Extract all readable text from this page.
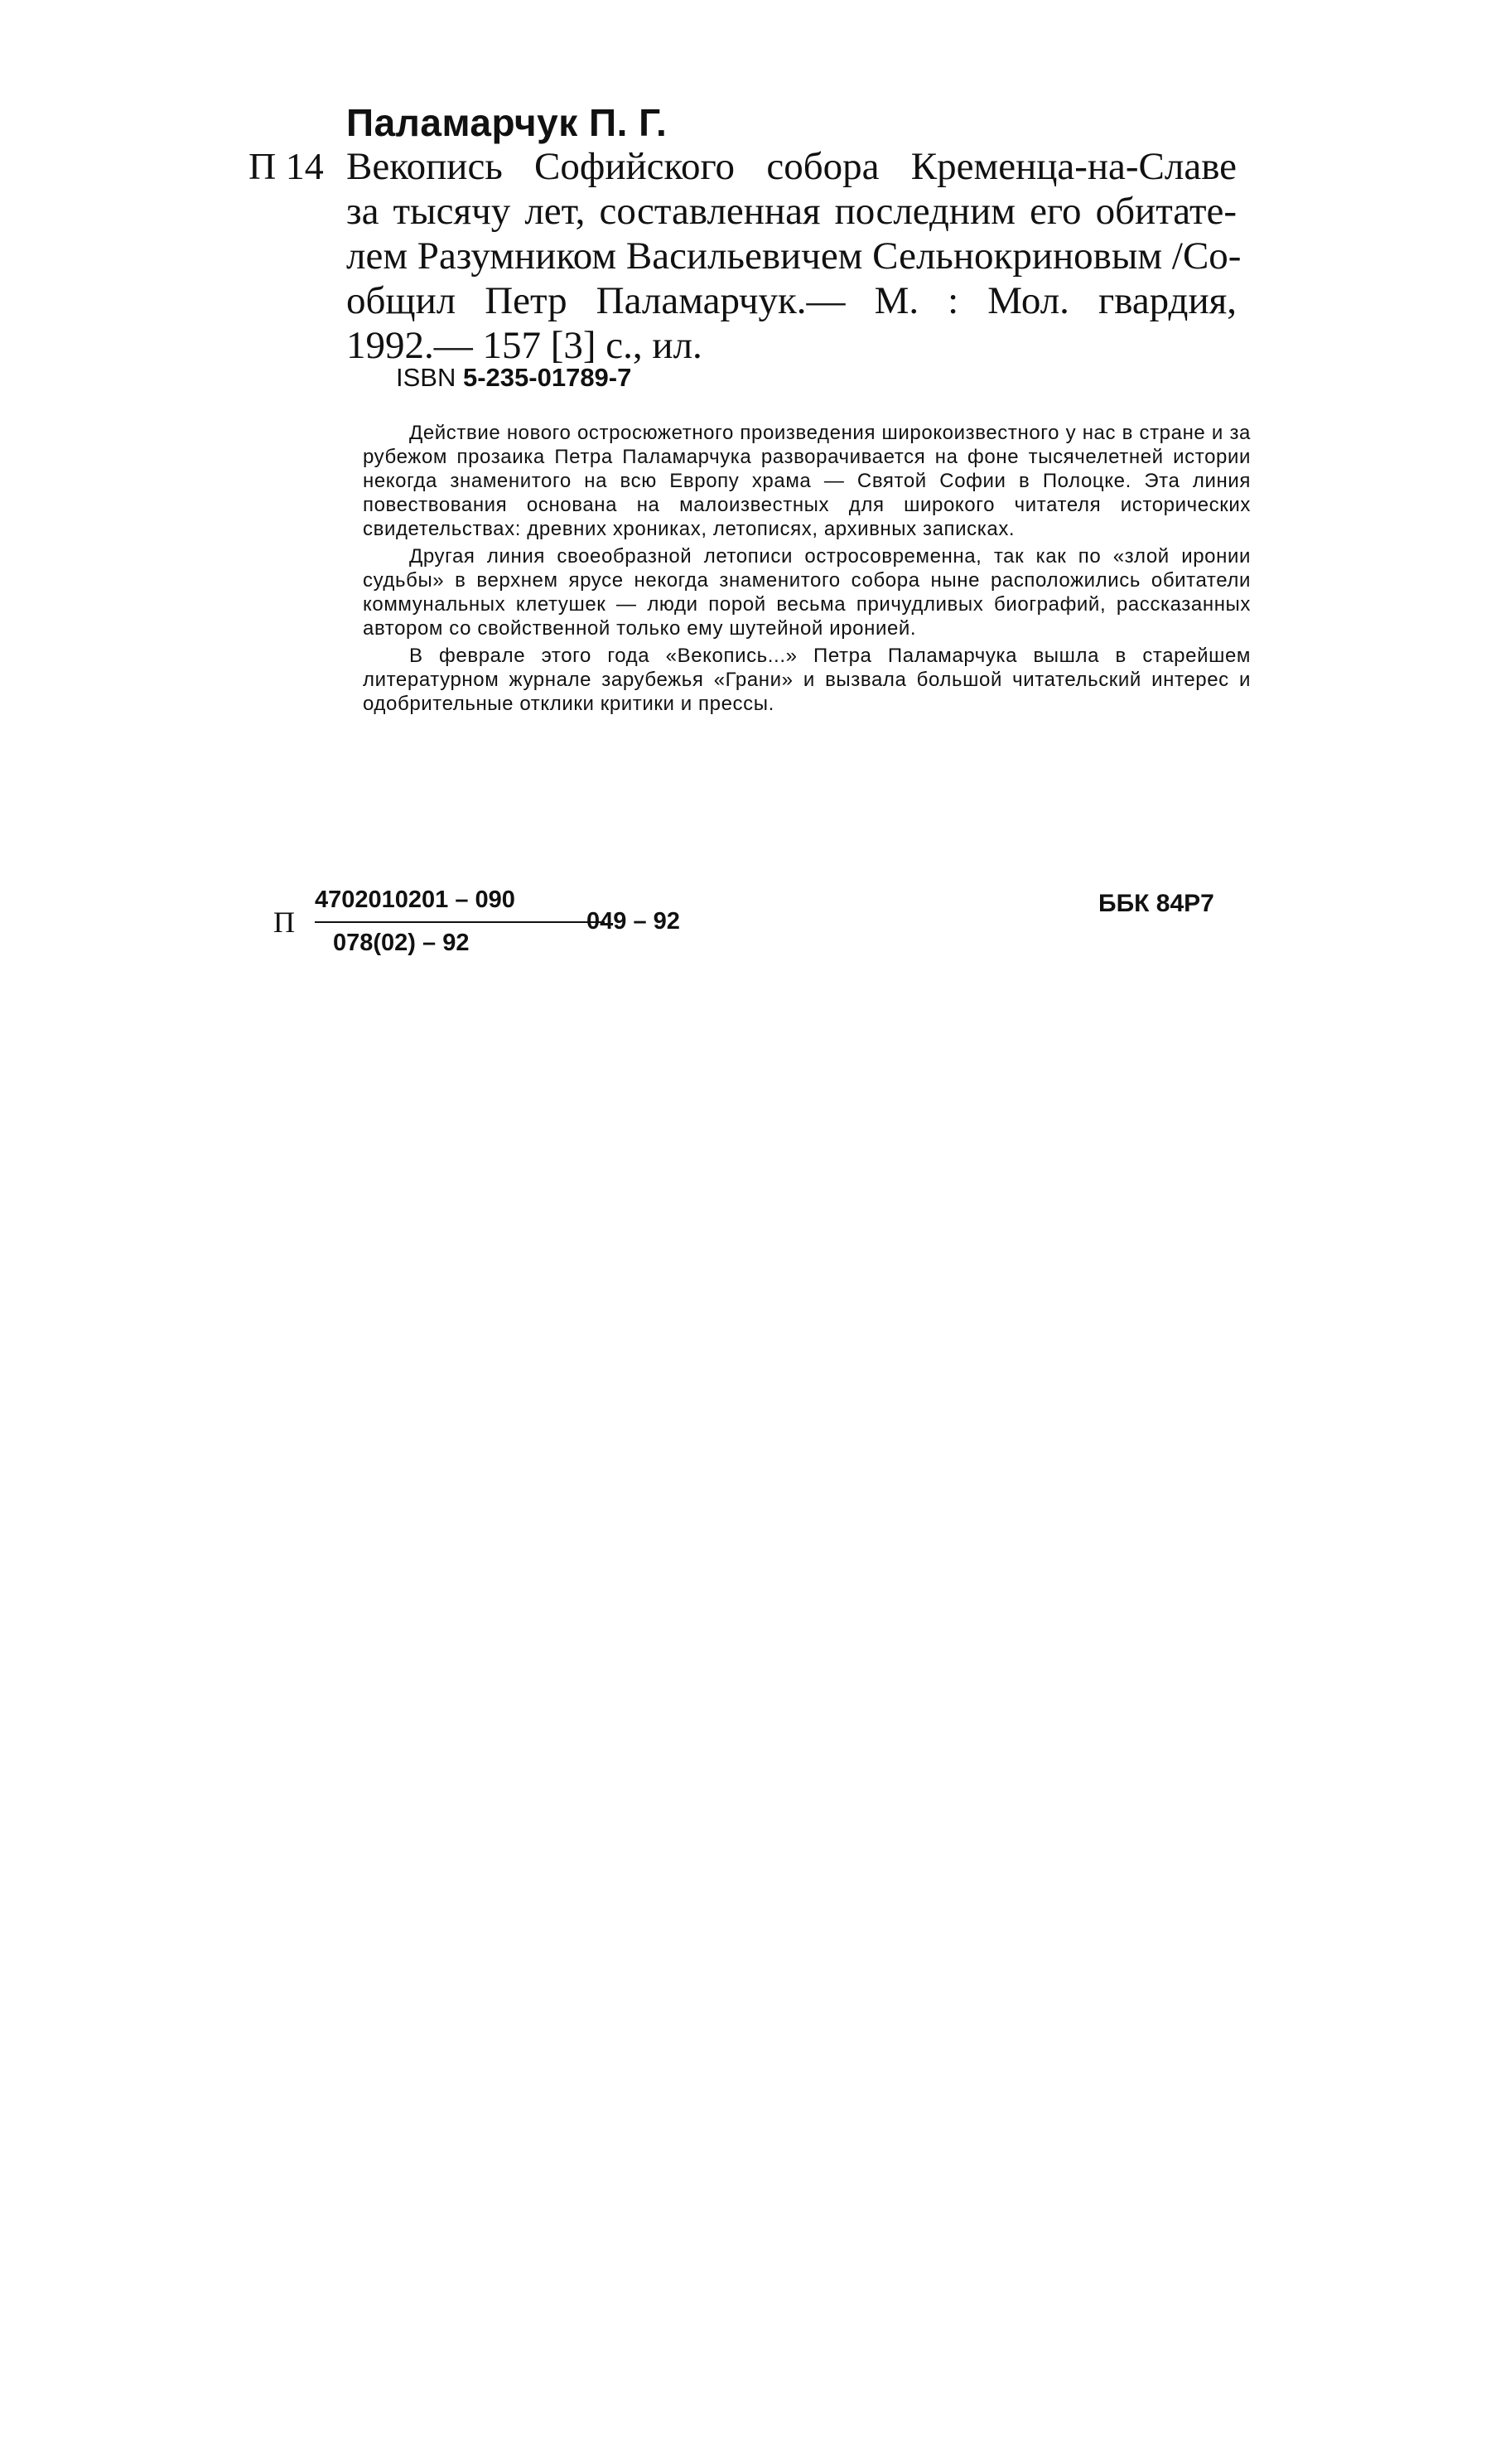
Паламарчук П. Г.
П 14 Векопись Софийского собора Кременца-на-Славе
за тысячу лет, составленная последним его обитате-
лем Разумником Васильевичем Сельнокриновым /Со-
общил Петр Паламарчук.— М. : Мол. гвардия,
1992.— 157 [3] с., ил.
ISBN 5-235-01789-7

Действие нового остросюжетного произведения широкоизвестного у нас в стране и за рубежом прозаика Петра Паламарчука разворачивается на фоне тысячелетней истории некогда знаменитого на всю Европу храма — Святой Софии в Полоцке. Эта линия повествования основана на малоизвестных для широкого читателя исторических свидетельствах: древних хрониках, летописях, архивных записках.

Другая линия своеобразной летописи остросовременна, так как по «злой иронии судьбы» в верхнем ярусе некогда знаменитого собора ныне расположились обитатели коммунальных клетушек — люди порой весьма причудливых биографий, рассказанных автором со свойственной только ему шутейной иронией.

В феврале этого года «Векопись...» Петра Паламарчука вышла в старейшем литературном журнале зарубежья «Грани» и вызвала большой читательский интерес и одобрительные отклики критики и прессы.

П
4702010201 – 090
078(02) – 92
049 – 92
ББК 84Р7
